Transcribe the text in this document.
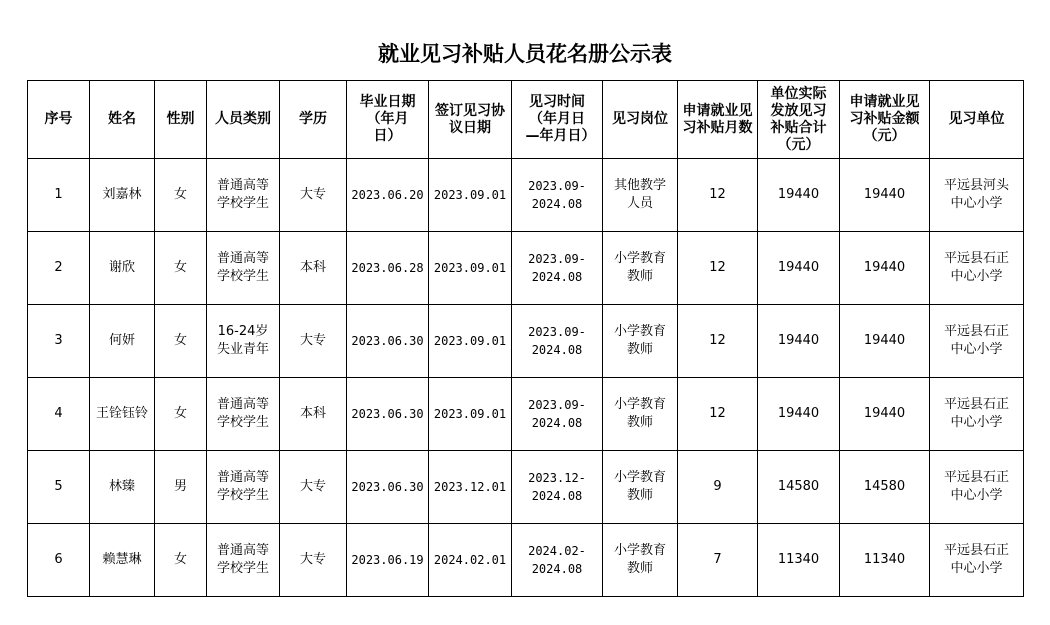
就业见习补贴人员花名册公示表
序号	姓名	性别	人员类别	学历	毕业日期（年月日）	签订见习协议日期	见习时间（年月日—年月日）	见习岗位	申请就业见习补贴月数	单位实际发放见习补贴合计（元）	申请就业见习补贴金额（元）	见习单位
1	刘嘉林	女	普通高等学校学生	大专	2023.06.20	2023.09.01	2023.09-2024.08	其他教学人员	12	19440	19440	平远县河头中心小学
2	谢欣	女	普通高等学校学生	本科	2023.06.28	2023.09.01	2023.09-2024.08	小学教育教师	12	19440	19440	平远县石正中心小学
3	何妍	女	16-24岁失业青年	大专	2023.06.30	2023.09.01	2023.09-2024.08	小学教育教师	12	19440	19440	平远县石正中心小学
4	王铨钰铃	女	普通高等学校学生	本科	2023.06.30	2023.09.01	2023.09-2024.08	小学教育教师	12	19440	19440	平远县石正中心小学
5	林臻	男	普通高等学校学生	大专	2023.06.30	2023.12.01	2023.12-2024.08	小学教育教师	9	14580	14580	平远县石正中心小学
6	赖慧琳	女	普通高等学校学生	大专	2023.06.19	2024.02.01	2024.02-2024.08	小学教育教师	7	11340	11340	平远县石正中心小学
